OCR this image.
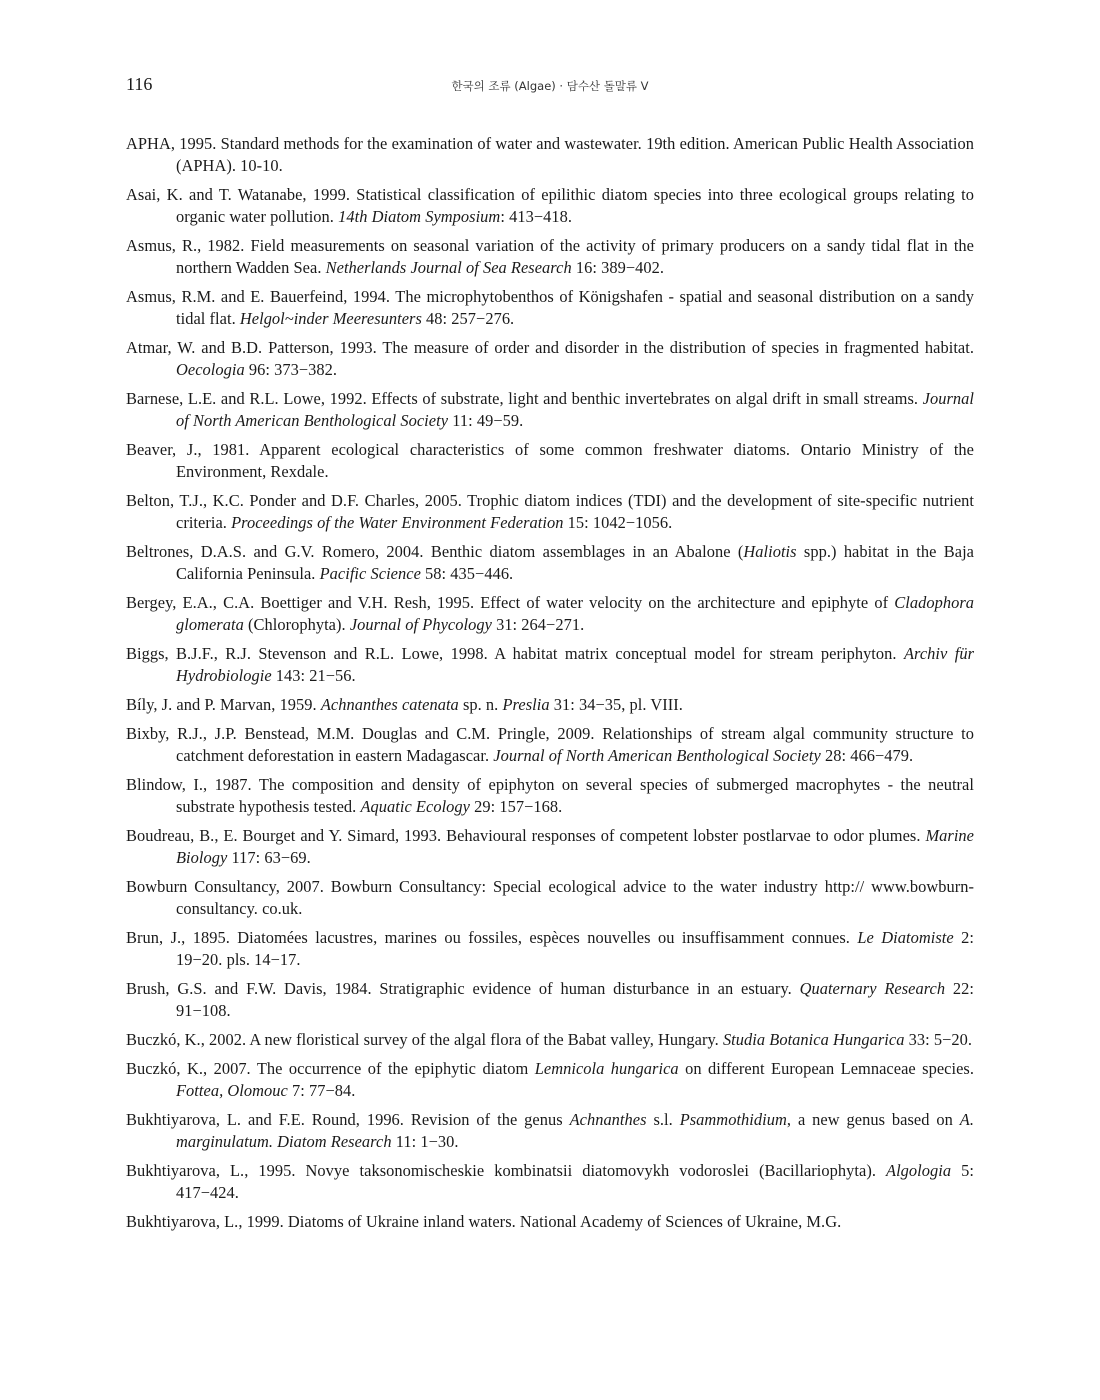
116	한국의 조류 (Algae) · 담수산 돌말류 V
APHA, 1995. Standard methods for the examination of water and wastewater. 19th edition. American Public Health Association (APHA). 10-10.
Asai, K. and T. Watanabe, 1999. Statistical classification of epilithic diatom species into three ecological groups relating to organic water pollution. 14th Diatom Symposium: 413−418.
Asmus, R., 1982. Field measurements on seasonal variation of the activity of primary producers on a sandy tidal flat in the northern Wadden Sea. Netherlands Journal of Sea Research 16: 389−402.
Asmus, R.M. and E. Bauerfeind, 1994. The microphytobenthos of Königshafen - spatial and seasonal distribution on a sandy tidal flat. Helgol~inder Meeresunters 48: 257−276.
Atmar, W. and B.D. Patterson, 1993. The measure of order and disorder in the distribution of species in fragmented habitat. Oecologia 96: 373−382.
Barnese, L.E. and R.L. Lowe, 1992. Effects of substrate, light and benthic invertebrates on algal drift in small streams. Journal of North American Benthological Society 11: 49−59.
Beaver, J., 1981. Apparent ecological characteristics of some common freshwater diatoms. Ontario Ministry of the Environment, Rexdale.
Belton, T.J., K.C. Ponder and D.F. Charles, 2005. Trophic diatom indices (TDI) and the development of site-specific nutrient criteria. Proceedings of the Water Environment Federation 15: 1042−1056.
Beltrones, D.A.S. and G.V. Romero, 2004. Benthic diatom assemblages in an Abalone (Haliotis spp.) habitat in the Baja California Peninsula. Pacific Science 58: 435−446.
Bergey, E.A., C.A. Boettiger and V.H. Resh, 1995. Effect of water velocity on the architecture and epiphyte of Cladophora glomerata (Chlorophyta). Journal of Phycology 31: 264−271.
Biggs, B.J.F., R.J. Stevenson and R.L. Lowe, 1998. A habitat matrix conceptual model for stream periphyton. Archiv für Hydrobiologie 143: 21−56.
Bíly, J. and P. Marvan, 1959. Achnanthes catenata sp. n. Preslia 31: 34−35, pl. VIII.
Bixby, R.J., J.P. Benstead, M.M. Douglas and C.M. Pringle, 2009. Relationships of stream algal community structure to catchment deforestation in eastern Madagascar. Journal of North American Benthological Society 28: 466−479.
Blindow, I., 1987. The composition and density of epiphyton on several species of submerged macrophytes - the neutral substrate hypothesis tested. Aquatic Ecology 29: 157−168.
Boudreau, B., E. Bourget and Y. Simard, 1993. Behavioural responses of competent lobster postlarvae to odor plumes. Marine Biology 117: 63−69.
Bowburn Consultancy, 2007. Bowburn Consultancy: Special ecological advice to the water industry http:// www.bowburn-consultancy. co.uk.
Brun, J., 1895. Diatomées lacustres, marines ou fossiles, espèces nouvelles ou insuffisamment connues. Le Diatomiste 2: 19−20. pls. 14−17.
Brush, G.S. and F.W. Davis, 1984. Stratigraphic evidence of human disturbance in an estuary. Quaternary Research 22: 91−108.
Buczkó, K., 2002. A new floristical survey of the algal flora of the Babat valley, Hungary. Studia Botanica Hungarica 33: 5−20.
Buczkó, K., 2007. The occurrence of the epiphytic diatom Lemnicola hungarica on different European Lemnaceae species. Fottea, Olomouc 7: 77−84.
Bukhtiyarova, L. and F.E. Round, 1996. Revision of the genus Achnanthes s.l. Psammothidium, a new genus based on A. marginulatum. Diatom Research 11: 1−30.
Bukhtiyarova, L., 1995. Novye taksonomischeskie kombinatsii diatomovykh vodoroslei (Bacillariophyta). Algologia 5: 417−424.
Bukhtiyarova, L., 1999. Diatoms of Ukraine inland waters. National Academy of Sciences of Ukraine, M.G.
